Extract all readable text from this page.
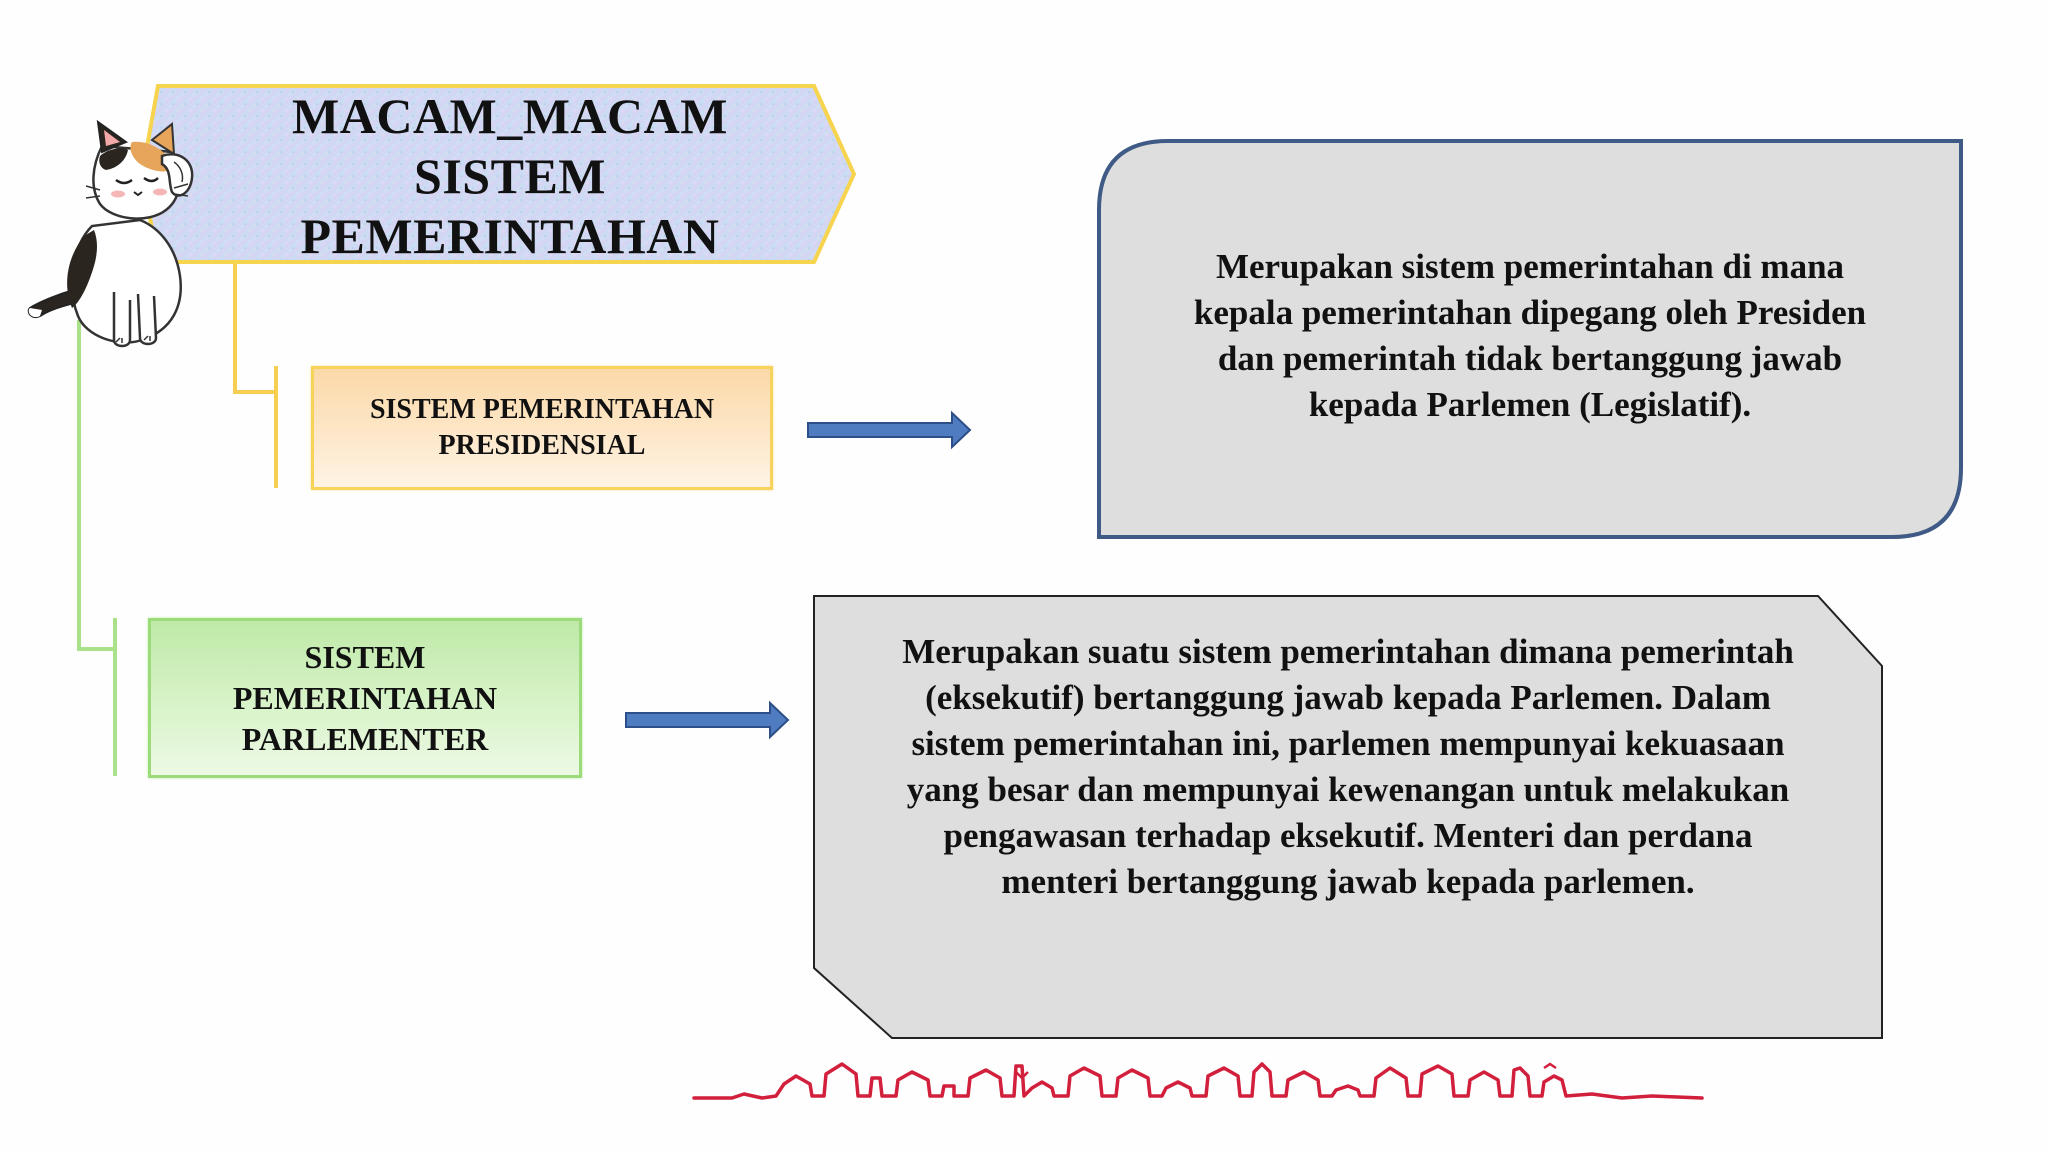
MACAM_MACAM
SISTEM
PEMERINTAHAN
SISTEM PEMERINTAHAN
PRESIDENSIAL
SISTEM
PEMERINTAHAN
PARLEMENTER
Merupakan sistem pemerintahan di mana
kepala pemerintahan dipegang oleh Presiden
dan pemerintah tidak bertanggung jawab
kepada Parlemen (Legislatif).
Merupakan suatu sistem pemerintahan dimana pemerintah
(eksekutif) bertanggung jawab kepada Parlemen. Dalam
sistem pemerintahan ini, parlemen mempunyai kekuasaan
yang besar dan mempunyai kewenangan untuk melakukan
pengawasan terhadap eksekutif. Menteri dan perdana
menteri bertanggung jawab kepada parlemen.
